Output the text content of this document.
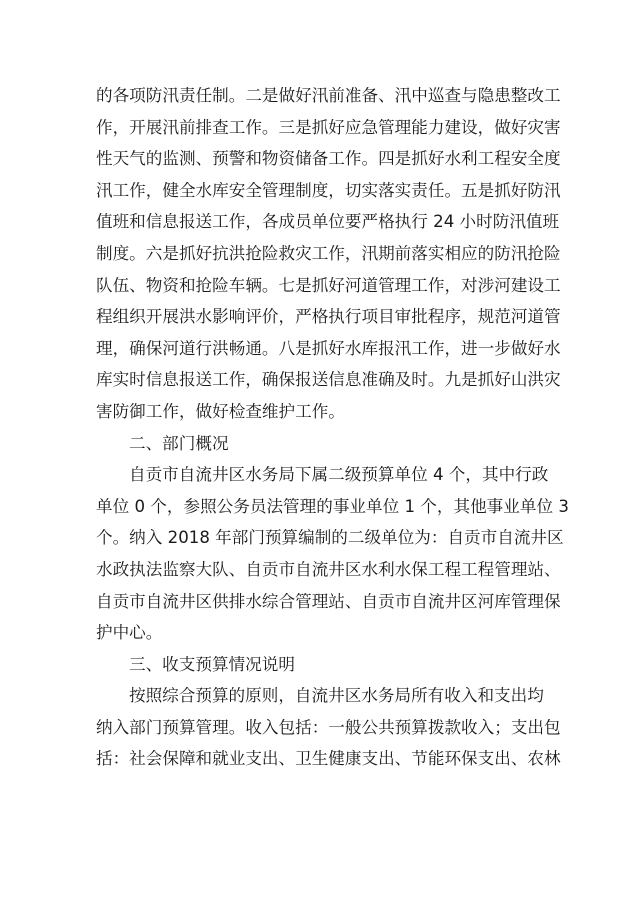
的各项防汛责任制。二是做好汛前准备、汛中巡查与隐患整改工
作，开展汛前排查工作。三是抓好应急管理能力建设，做好灾害
性天气的监测、预警和物资储备工作。四是抓好水利工程安全度
汛工作，健全水库安全管理制度，切实落实责任。五是抓好防汛
值班和信息报送工作，各成员单位要严格执行 24 小时防汛值班
制度。六是抓好抗洪抢险救灾工作，汛期前落实相应的防汛抢险
队伍、物资和抢险车辆。七是抓好河道管理工作，对涉河建设工
程组织开展洪水影响评价，严格执行项目审批程序，规范河道管
理，确保河道行洪畅通。八是抓好水库报汛工作，进一步做好水
库实时信息报送工作，确保报送信息准确及时。九是抓好山洪灾
害防御工作，做好检查维护工作。
二、部门概况
自贡市自流井区水务局下属二级预算单位 4 个，其中行政
单位 0 个，参照公务员法管理的事业单位 1 个，其他事业单位 3
个。纳入 2018 年部门预算编制的二级单位为：自贡市自流井区
水政执法监察大队、自贡市自流井区水利水保工程工程管理站、
自贡市自流井区供排水综合管理站、自贡市自流井区河库管理保
护中心。
三、收支预算情况说明
按照综合预算的原则，自流井区水务局所有收入和支出均
纳入部门预算管理。收入包括：一般公共预算拨款收入；支出包
括：社会保障和就业支出、卫生健康支出、节能环保支出、农林
